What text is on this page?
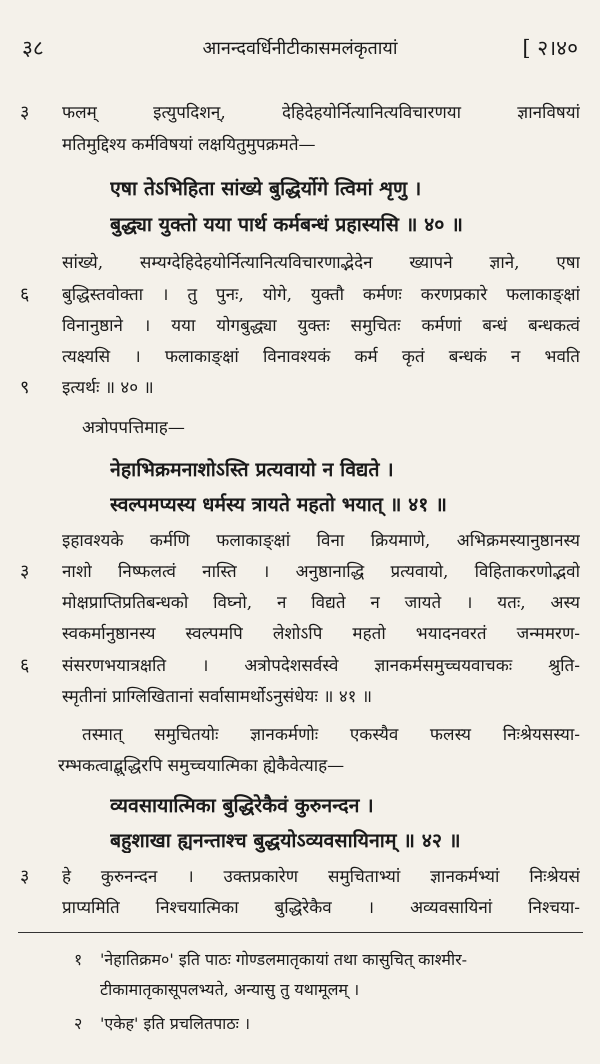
३८	आनन्दवर्धिनीटीकासमलंकृतायां	[ २।४०
३ फलम् इत्युपदिशन्, देहिदेहयोर्नित्यानित्यविचारणया ज्ञानविषयां
मतिमुद्दिश्य कर्मविषयां लक्षयितुमुपक्रमते—
एषा तेऽभिहिता सांख्ये बुद्धिर्योगे त्विमां शृणु ।
बुद्ध्या युक्तो यया पार्थ कर्मबन्धं प्रहास्यसि ॥ ४० ॥
सांख्ये, सम्यग्देहिदेहयोर्नित्यानित्यविचारणाद्भेदेन ख्यापने ज्ञाने, एषा
६ बुद्धिस्तवोक्ता । तु पुनः, योगे, युक्तौ कर्मणः करणप्रकारे फलाकाङ्क्षां
विनानुष्ठाने । यया योगबुद्ध्या युक्तः समुचितः कर्मणां बन्धं बन्धकत्वं
त्यक्ष्यसि । फलाकाङ्क्षां विनावश्यकं कर्म कृतं बन्धकं न भवति
९ इत्यर्थः ॥ ४० ॥
अत्रोपपत्तिमाह—
नेहाभिक्रमनाशोऽस्ति प्रत्यवायो न विद्यते ।
स्वल्पमप्यस्य धर्मस्य त्रायते महतो भयात् ॥ ४१ ॥
इहावश्यके कर्मणि फलाकाङ्क्षां विना क्रियमाणे, अभिक्रमस्यानुष्ठानस्य
३ नाशो निष्फलत्वं नास्ति । अनुष्ठानाद्धि प्रत्यवायो, विहिताकरणोद्भवो
मोक्षप्राप्तिप्रतिबन्धको विघ्नो, न विद्यते न जायते । यतः, अस्य
स्वकर्मानुष्ठानस्य स्वल्पमपि लेशोऽपि महतो भयादनवरतं जन्ममरण-
६ संसरणभयात्रक्षति । अत्रोपदेशसर्वस्वे ज्ञानकर्मसमुच्चयवाचकः श्रुति-
स्मृतीनां प्राग्लिखितानां सर्वासामर्थोऽनुसंधेयः ॥ ४१ ॥
तस्मात् समुचितयोः ज्ञानकर्मणोः एकस्यैव फलस्य निःश्रेयसस्या-
रम्भकत्वाद्बुद्धिरपि समुच्चयात्मिका ह्येकैवेत्याह—
व्यवसायात्मिका बुद्धिरेकैवं कुरुनन्दन ।
बहुशाखा ह्यनन्ताश्च बुद्धयोऽव्यवसायिनाम् ॥ ४२ ॥
३ हे कुरुनन्दन । उक्तप्रकारेण समुचिताभ्यां ज्ञानकर्मभ्यां निःश्रेयसं
प्राप्यमिति निश्चयात्मिका बुद्धिरेकैव । अव्यवसायिनां निश्चया-
१ 'नेहातिक्रम०' इति पाठः गोण्डलमातृकायां तथा कासुचित् काश्मीर-
टीकामातृकासूपलभ्यते, अन्यासु तु यथामूलम् ।
२ 'एकेह' इति प्रचलितपाठः ।
